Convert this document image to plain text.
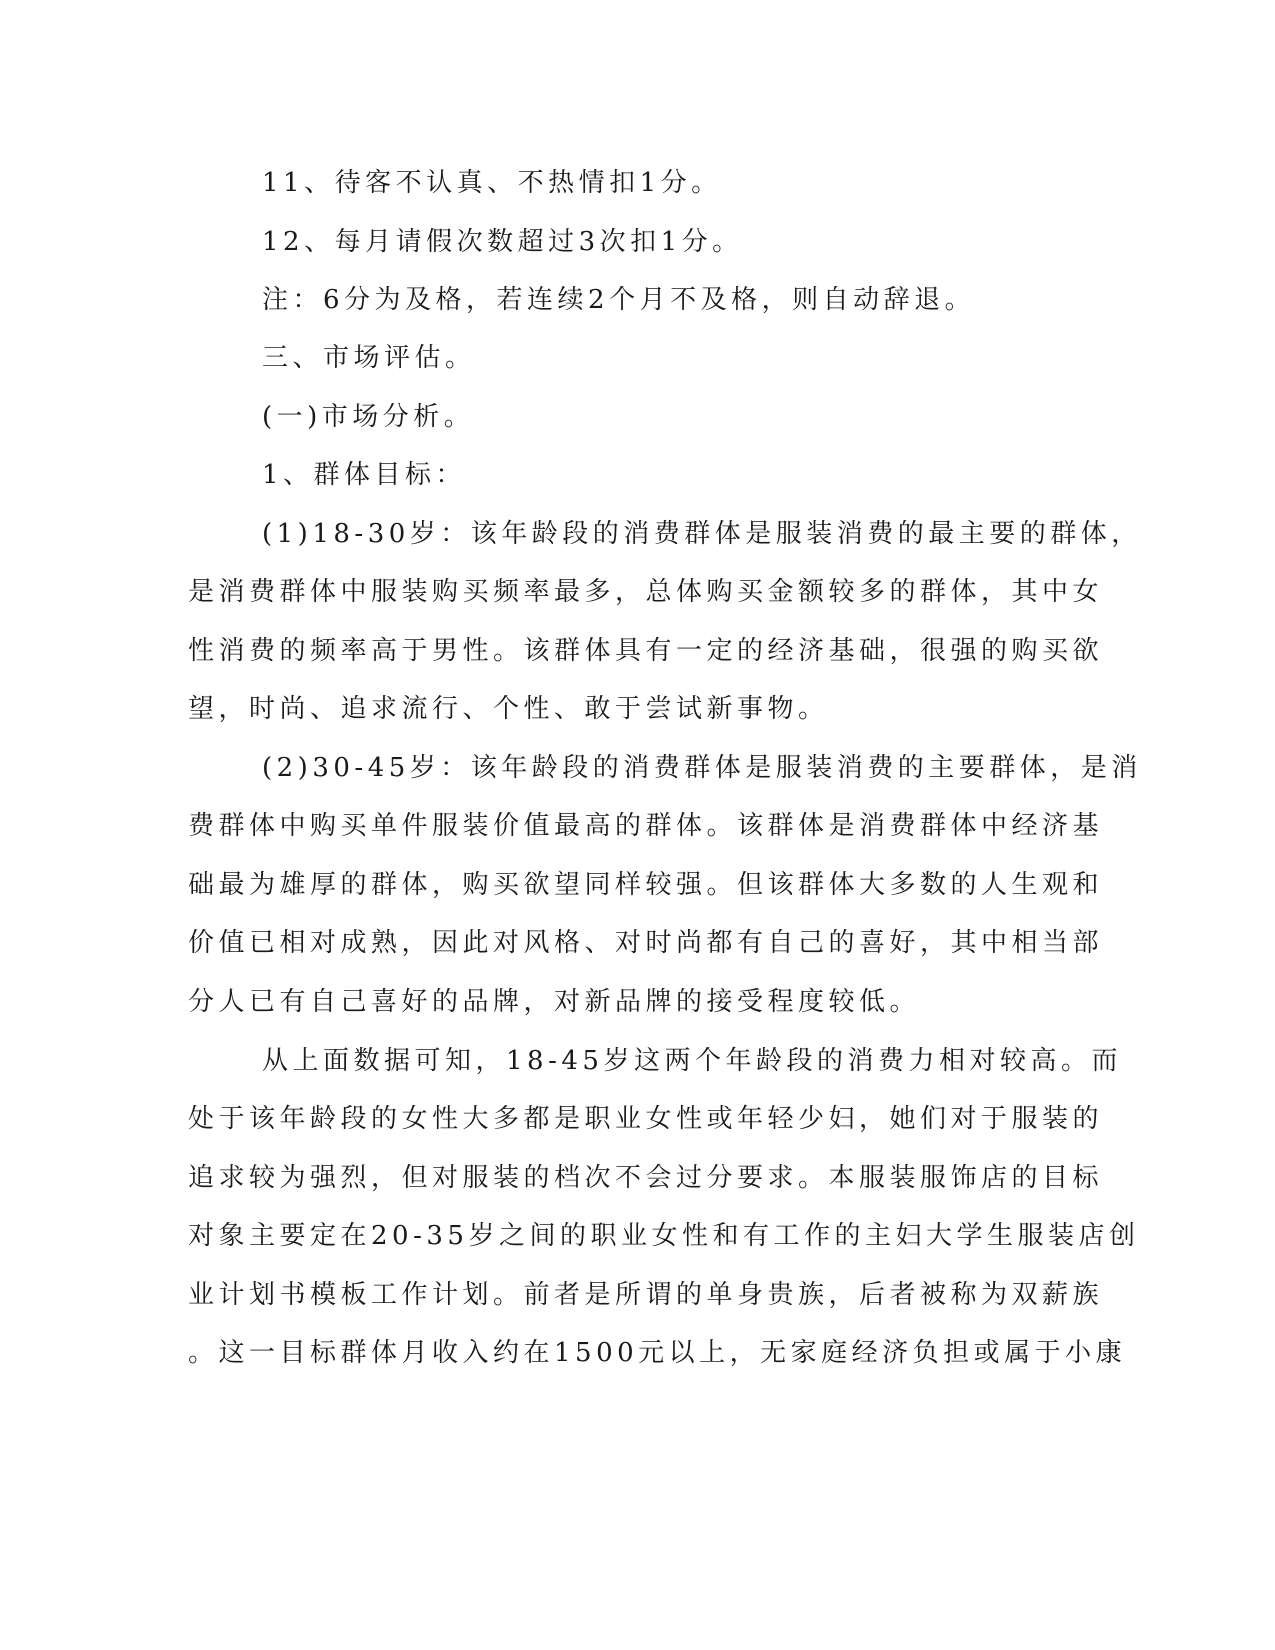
11、待客不认真、不热情扣1分。
12、每月请假次数超过3次扣1分。
注：6分为及格，若连续2个月不及格，则自动辞退。
三、市场评估。
(一)市场分析。
1、群体目标：
(1)18-30岁：该年龄段的消费群体是服装消费的最主要的群体，
是消费群体中服装购买频率最多，总体购买金额较多的群体，其中女
性消费的频率高于男性。该群体具有一定的经济基础，很强的购买欲
望，时尚、追求流行、个性、敢于尝试新事物。
(2)30-45岁：该年龄段的消费群体是服装消费的主要群体，是消
费群体中购买单件服装价值最高的群体。该群体是消费群体中经济基
础最为雄厚的群体，购买欲望同样较强。但该群体大多数的人生观和
价值已相对成熟，因此对风格、对时尚都有自己的喜好，其中相当部
分人已有自己喜好的品牌，对新品牌的接受程度较低。
从上面数据可知，18-45岁这两个年龄段的消费力相对较高。而
处于该年龄段的女性大多都是职业女性或年轻少妇，她们对于服装的
追求较为强烈，但对服装的档次不会过分要求。本服装服饰店的目标
对象主要定在20-35岁之间的职业女性和有工作的主妇大学生服装店创
业计划书模板工作计划。前者是所谓的单身贵族，后者被称为双薪族
。这一目标群体月收入约在1500元以上，无家庭经济负担或属于小康
